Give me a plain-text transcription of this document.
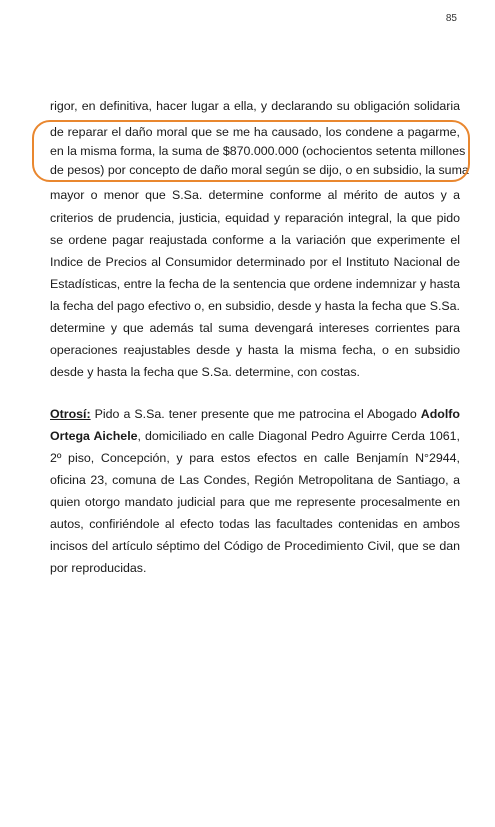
85
rigor, en definitiva, hacer lugar a ella, y declarando su obligación solidaria
de reparar el daño moral que se me ha causado, los condene a pagarme,
en la misma forma, la suma de $870.000.000 (ochocientos setenta millones
de pesos) por concepto de daño moral según se dijo, o en subsidio, la suma
mayor o menor que S.Sa. determine conforme al mérito de autos y a
criterios de prudencia, justicia, equidad y reparación integral, la que pido
se ordene pagar reajustada conforme a la variación que experimente el
Indice de Precios al Consumidor determinado por el Instituto Nacional de
Estadísticas, entre la fecha de la sentencia que ordene indemnizar y hasta
la fecha del pago efectivo o, en subsidio, desde y hasta la fecha que S.Sa.
determine y que además tal suma devengará intereses corrientes para
operaciones reajustables desde y hasta la misma fecha, o en subsidio
desde y hasta la fecha que S.Sa. determine, con costas.
Otrosí: Pido a S.Sa. tener presente que me patrocina el Abogado Adolfo
Ortega Aichele, domiciliado en calle Diagonal Pedro Aguirre Cerda 1061,
2º piso, Concepción, y para estos efectos en calle Benjamín N°2944,
oficina 23, comuna de Las Condes, Región Metropolitana de Santiago, a
quien otorgo mandato judicial para que me represente procesalmente en
autos, confiriéndole al efecto todas las facultades contenidas en ambos
incisos del artículo séptimo del Código de Procedimiento Civil, que se dan
por reproducidas.
